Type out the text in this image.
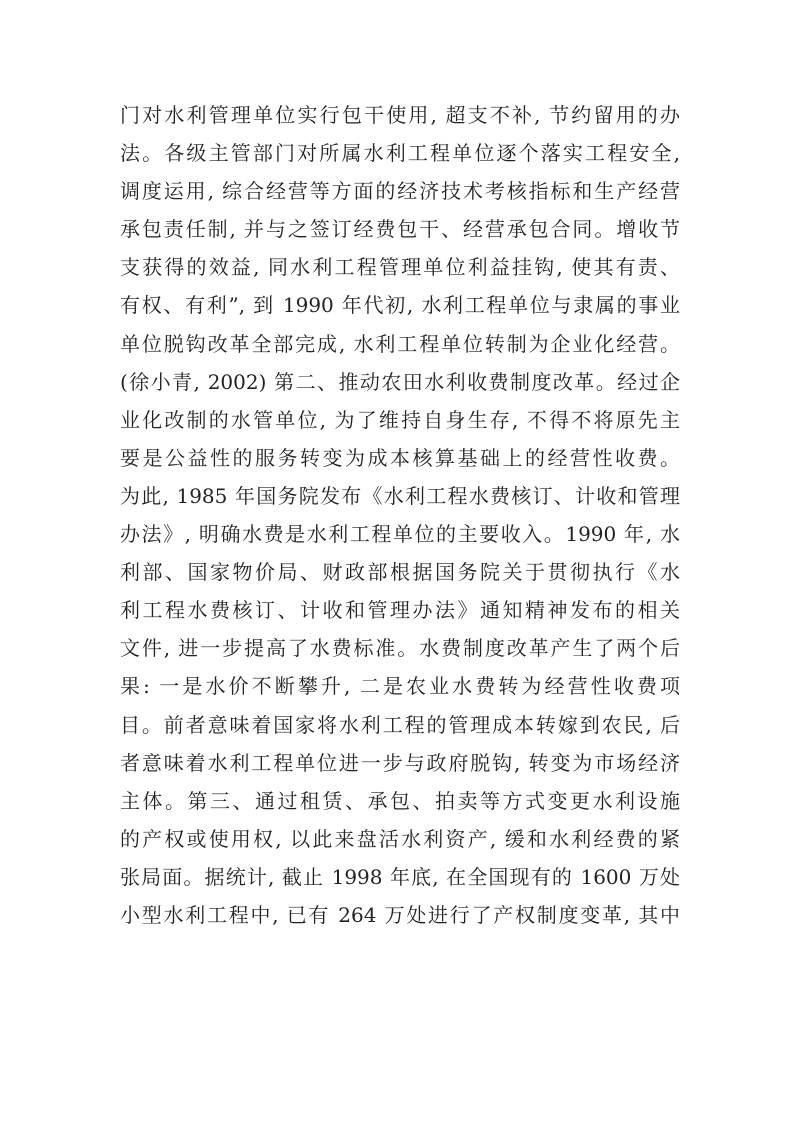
门对水利管理单位实行包干使用, 超支不补, 节约留用的办
法。各级主管部门对所属水利工程单位逐个落实工程安全,
调度运用, 综合经营等方面的经济技术考核指标和生产经营
承包责任制, 并与之签订经费包干、经营承包合同。增收节
支获得的效益, 同水利工程管理单位利益挂钩, 使其有责、
有权、有利”, 到 1990 年代初, 水利工程单位与隶属的事业
单位脱钩改革全部完成, 水利工程单位转制为企业化经营。
(徐小青, 2002) 第二、推动农田水利收费制度改革。经过企
业化改制的水管单位, 为了维持自身生存, 不得不将原先主
要是公益性的服务转变为成本核算基础上的经营性收费。
为此, 1985 年国务院发布《水利工程水费核订、计收和管理
办法》, 明确水费是水利工程单位的主要收入。1990 年, 水
利部、国家物价局、财政部根据国务院关于贯彻执行《水
利工程水费核订、计收和管理办法》通知精神发布的相关
文件, 进一步提高了水费标准。水费制度改革产生了两个后
果: 一是水价不断攀升, 二是农业水费转为经营性收费项
目。前者意味着国家将水利工程的管理成本转嫁到农民, 后
者意味着水利工程单位进一步与政府脱钩, 转变为市场经济
主体。第三、通过租赁、承包、拍卖等方式变更水利设施
的产权或使用权, 以此来盘活水利资产, 缓和水利经费的紧
张局面。据统计, 截止 1998 年底, 在全国现有的 1600 万处
小型水利工程中, 已有 264 万处进行了产权制度变革, 其中
